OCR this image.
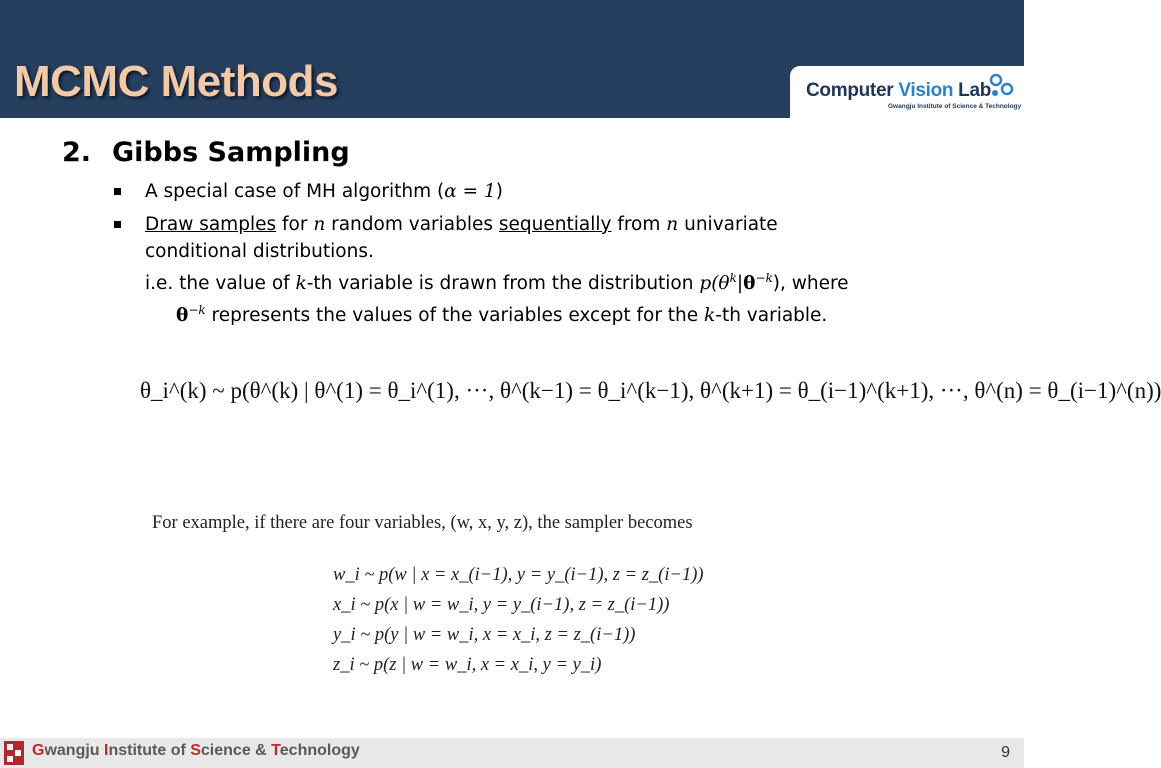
MCMC Methods	Computer Vision Lab
Gwangju Institute of Science & Technology
2. Gibbs Sampling
A special case of MH algorithm (α = 1)
Draw samples for n random variables sequentially from n univariate
conditional distributions.
i.e. the value of k-th variable is drawn from the distribution $p(\theta^k|\theta^{-k})$, where
$\theta^{-k}$ represents the values of the variables except for the k-th variable.
θ_i^(k) ~ p(θ^(k) | θ^(1) = θ_i^(1), ···, θ^(k−1) = θ_i^(k−1), θ^(k+1) = θ_(i−1)^(k+1), ···, θ^(n) = θ_(i−1)^(n))
For example, if there are four variables, (w, x, y, z), the sampler becomes
w_i ~ p(w | x = x_(i−1), y = y_(i−1), z = z_(i−1))
x_i ~ p(x | w = w_i, y = y_(i−1), z = z_(i−1))
y_i ~ p(y | w = w_i, x = x_i, z = z_(i−1))
z_i ~ p(z | w = w_i, x = x_i, y = y_i)
Gwangju Institute of Science & Technology	9
